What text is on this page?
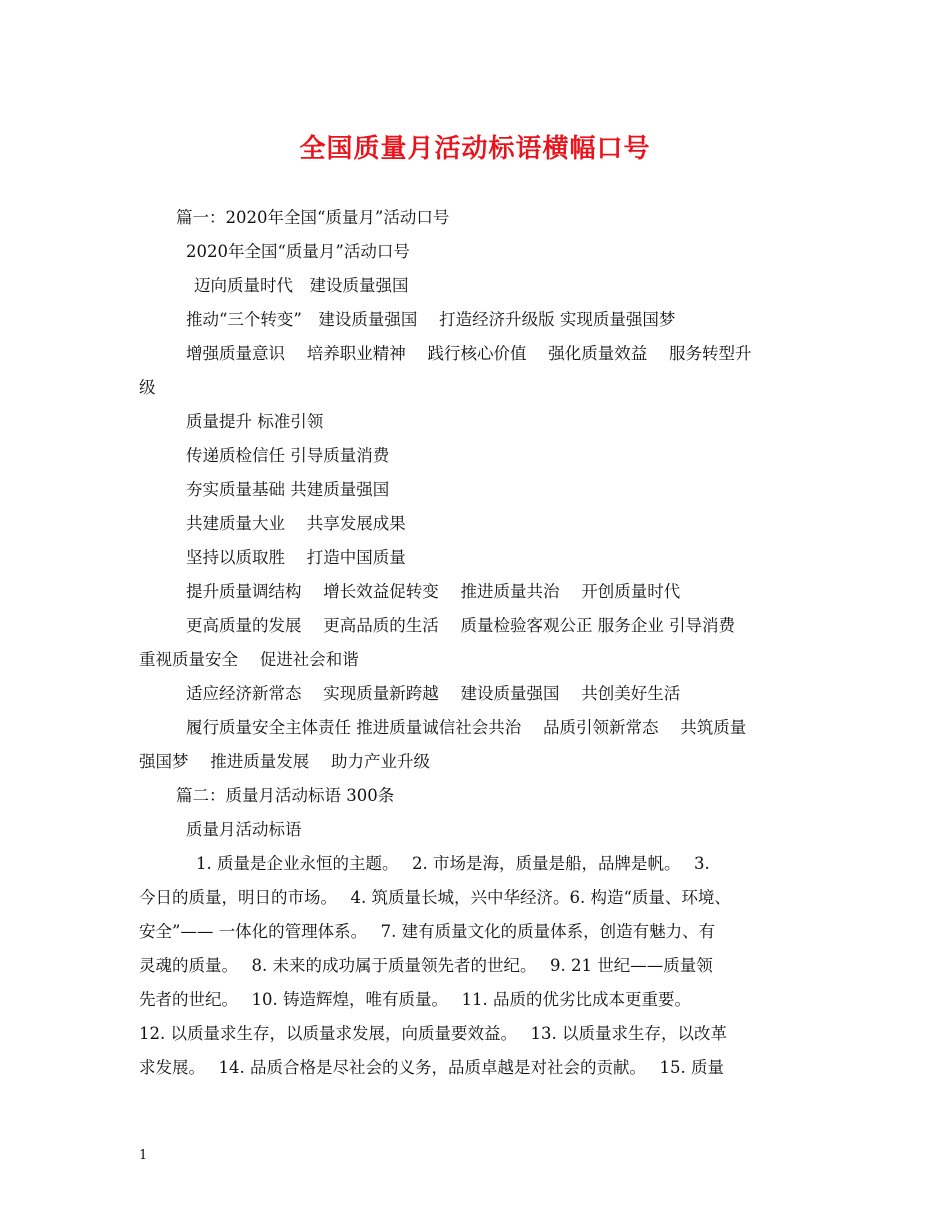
全国质量月活动标语横幅口号
篇一：2020年全国“质量月”活动口号
2020年全国“质量月”活动口号
迈向质量时代　建设质量强国
推动“三个转变”　建设质量强国　 打造经济升级版 实现质量强国梦
增强质量意识　 培养职业精神　 践行核心价值　 强化质量效益　 服务转型升
级
质量提升 标准引领
传递质检信任 引导质量消费
夯实质量基础 共建质量强国
共建质量大业　 共享发展成果
坚持以质取胜　 打造中国质量
提升质量调结构　 增长效益促转变　 推进质量共治　 开创质量时代
更高质量的发展　 更高品质的生活　 质量检验客观公正 服务企业 引导消费
重视质量安全　 促进社会和谐
适应经济新常态　 实现质量新跨越　 建设质量强国　 共创美好生活
履行质量安全主体责任 推进质量诚信社会共治　 品质引领新常态　 共筑质量
强国梦　 推进质量发展　 助力产业升级
篇二：质量月活动标语 300条
质量月活动标语
1. 质量是企业永恒的主题。　 2. 市场是海，质量是船，品牌是帆。　 3.
今日的质量，明日的市场。　 4. 筑质量长城，兴中华经济。6. 构造“质量、环境、
安全”—— 一体化的管理体系。　 7. 建有质量文化的质量体系，创造有魅力、有
灵魂的质量。　 8. 未来的成功属于质量领先者的世纪。　 9. 21 世纪——质量领
先者的世纪。　 10. 铸造辉煌，唯有质量。　 11. 品质的优劣比成本更重要。
12. 以质量求生存，以质量求发展，向质量要效益。　 13. 以质量求生存，以改革
求发展。　 14. 品质合格是尽社会的义务，品质卓越是对社会的贡献。　 15. 质量
1
